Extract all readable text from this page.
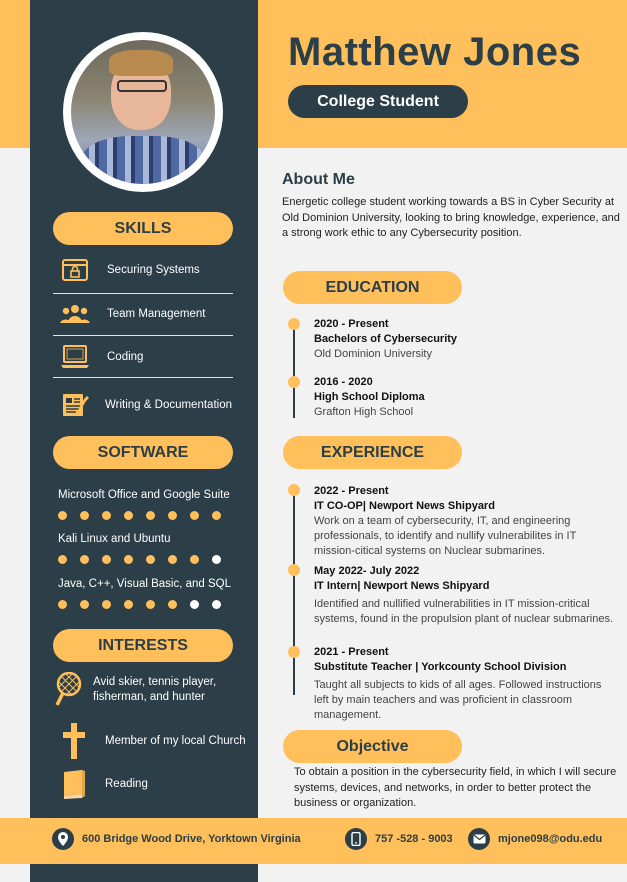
Matthew Jones
College Student
SKILLS
Securing Systems
Team Management
Coding
Writing & Documentation
SOFTWARE
Microsoft Office and Google Suite
Kali Linux and Ubuntu
Java, C++, Visual Basic, and SQL
INTERESTS
Avid skier, tennis player, fisherman, and hunter
Member of my local Church
Reading
About Me
Energetic college student working towards a BS in Cyber Security at Old Dominion University, looking to bring knowledge, experience, and a strong work ethic to any Cybersecurity position.
EDUCATION
2020 - Present
Bachelors of Cybersecurity
Old Dominion University
2016 - 2020
High School Diploma
Grafton High School
EXPERIENCE
2022 - Present
IT CO-OP| Newport News Shipyard
Work on a team of cybersecurity, IT, and engineering professionals, to identify and nullify vulnerabilites in IT mission-citical systems on Nuclear submarines.
May 2022- July 2022
IT Intern| Newport News Shipyard
Identified and nullified vulnerabilities in IT mission-critical systems, found in the propulsion plant of nuclear submarines.
2021 - Present
Substitute Teacher | Yorkcounty School Division
Taught all subjects to kids of all ages. Followed instructions left by main teachers and was proficient in classroom management.
Objective
To obtain a position in the cybersecurity field, in which I will secure systems, devices, and networks, in order to better protect the business or organization.
600 Bridge Wood Drive, Yorktown Virginia	757 -528 - 9003	mjone098@odu.edu
